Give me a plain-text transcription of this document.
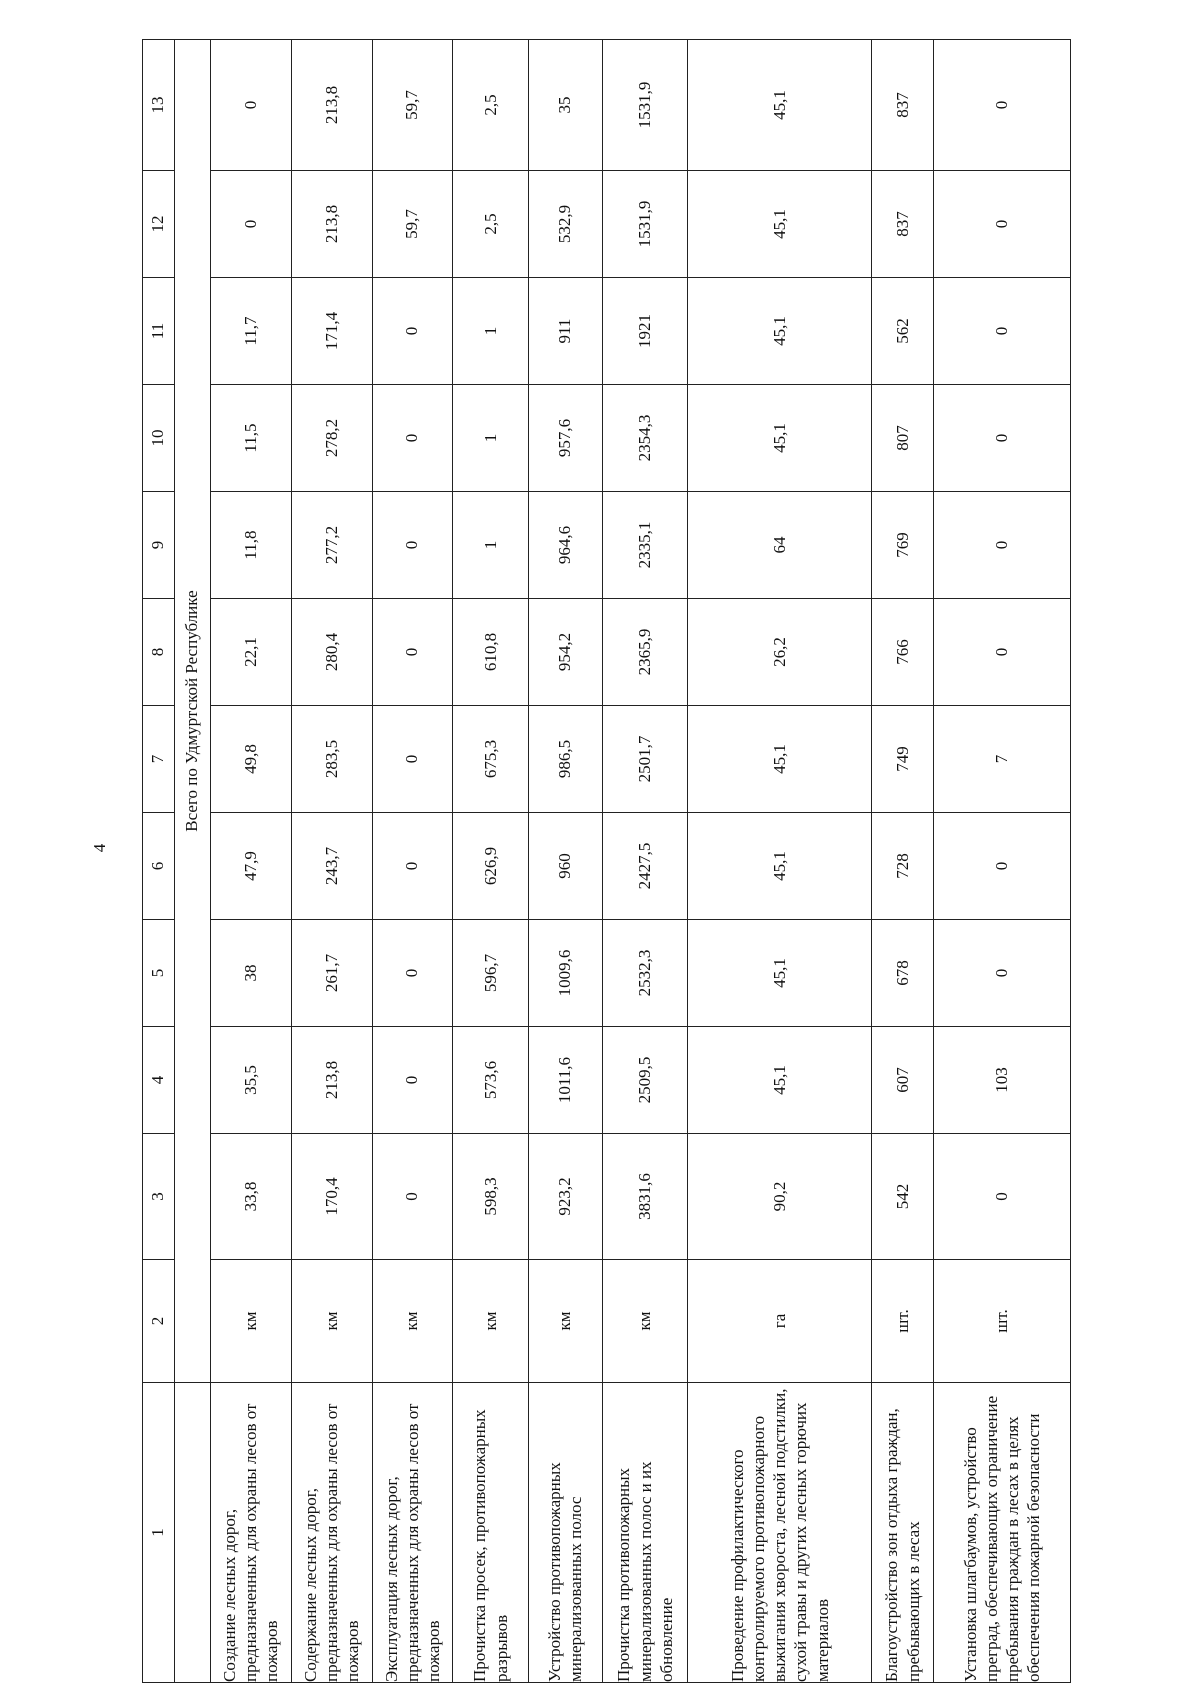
4
1	2	3	4	5	6	7	8	9	10	11	12	13
	Всего по Удмуртской Республике											
Создание лесных дорог, предназначенных для охраны лесов от пожаров	км	33,8	35,5	38	47,9	49,8	22,1	11,8	11,5	11,7	0	0
Содержание лесных дорог, предназначенных для охраны лесов от пожаров	км	170,4	213,8	261,7	243,7	283,5	280,4	277,2	278,2	171,4	213,8	213,8
Эксплуатация лесных дорог, предназначенных для охраны лесов от пожаров	км	0	0	0	0	0	0	0	0	0	59,7	59,7
Прочистка просек, противопожарных разрывов	км	598,3	573,6	596,7	626,9	675,3	610,8	1	1	1	2,5	2,5
Устройство противопожарных минерализованных полос	км	923,2	1011,6	1009,6	960	986,5	954,2	964,6	957,6	911	532,9	35
Прочистка противопожарных минерализованных полос и их обновление	км	3831,6	2509,5	2532,3	2427,5	2501,7	2365,9	2335,1	2354,3	1921	1531,9	1531,9
Проведение профилактического контролируемого противопожарного выжигания хвороста, лесной подстилки, сухой травы и других лесных горючих материалов	га	90,2	45,1	45,1	45,1	45,1	26,2	64	45,1	45,1	45,1	45,1
Благоустройство зон отдыха граждан, пребывающих в лесах	шт.	542	607	678	728	749	766	769	807	562	837	837
Установка шлагбаумов, устройство преград, обеспечивающих ограничение пребывания граждан в лесах в целях обеспечения пожарной безопасности	шт.	0	103	0	0	7	0	0	0	0	0	0
